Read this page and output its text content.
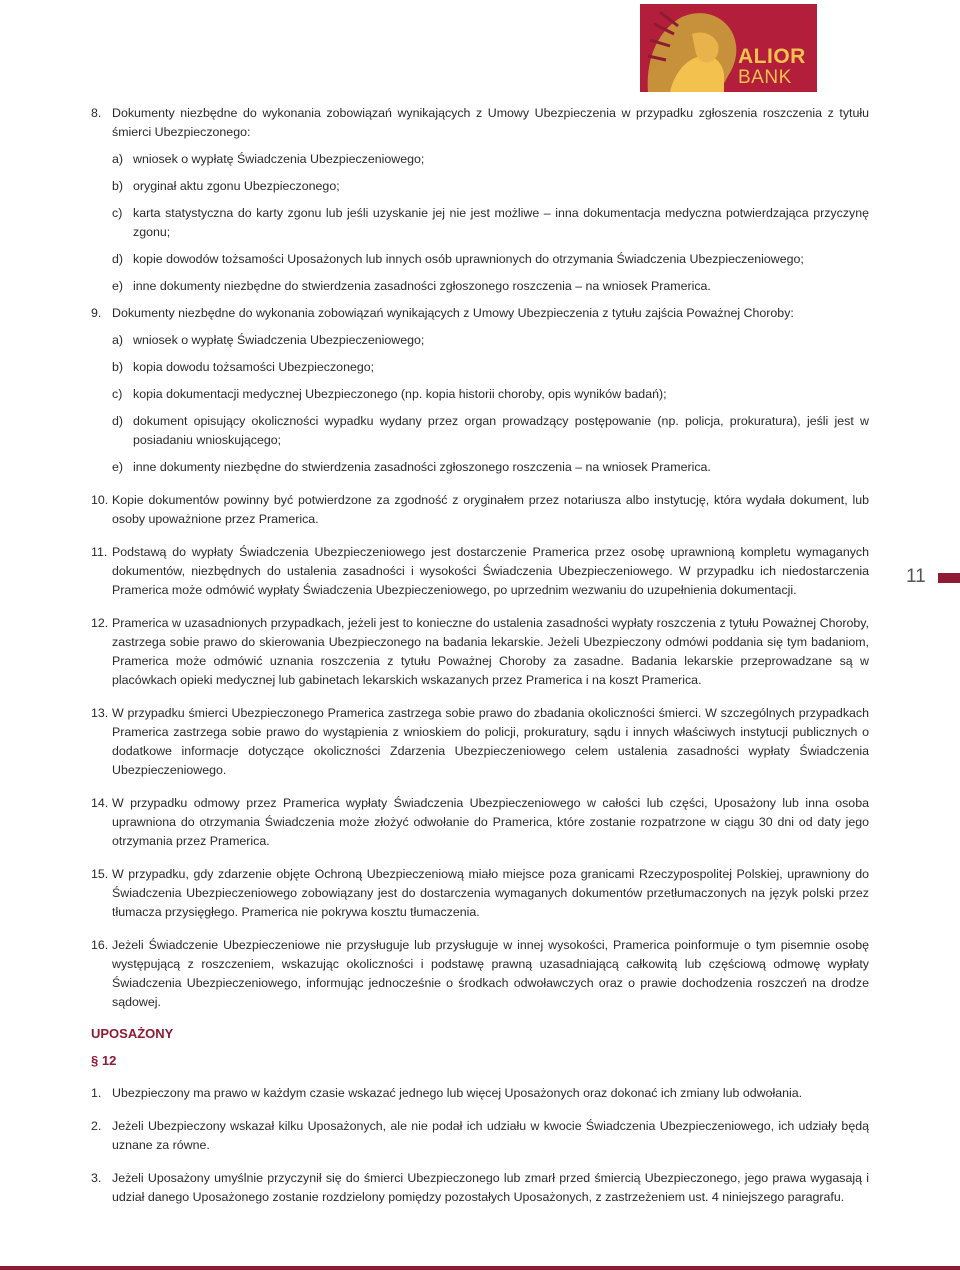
ALIOR
BANK
11
8. Dokumenty niezbędne do wykonania zobowiązań wynikających z Umowy Ubezpieczenia w przypadku zgłoszenia roszczenia z tytułu śmierci Ubezpieczonego:
a) wniosek o wypłatę Świadczenia Ubezpieczeniowego;
b) oryginał aktu zgonu Ubezpieczonego;
c) karta statystyczna do karty zgonu lub jeśli uzyskanie jej nie jest możliwe – inna dokumentacja medyczna potwierdzająca przyczynę zgonu;
d) kopie dowodów tożsamości Uposażonych lub innych osób uprawnionych do otrzymania Świadczenia Ubezpieczeniowego;
e) inne dokumenty niezbędne do stwierdzenia zasadności zgłoszonego roszczenia – na wniosek Pramerica.
9. Dokumenty niezbędne do wykonania zobowiązań wynikających z Umowy Ubezpieczenia z tytułu zajścia Poważnej Choroby:
a) wniosek o wypłatę Świadczenia Ubezpieczeniowego;
b) kopia dowodu tożsamości Ubezpieczonego;
c) kopia dokumentacji medycznej Ubezpieczonego (np. kopia historii choroby, opis wyników badań);
d) dokument opisujący okoliczności wypadku wydany przez organ prowadzący postępowanie (np. policja, prokuratura), jeśli jest w posiadaniu wnioskującego;
e) inne dokumenty niezbędne do stwierdzenia zasadności zgłoszonego roszczenia – na wniosek Pramerica.
10. Kopie dokumentów powinny być potwierdzone za zgodność z oryginałem przez notariusza albo instytucję, która wydała dokument, lub osoby upoważnione przez Pramerica.
11. Podstawą do wypłaty Świadczenia Ubezpieczeniowego jest dostarczenie Pramerica przez osobę uprawnioną kompletu wymaganych dokumentów, niezbędnych do ustalenia zasadności i wysokości Świadczenia Ubezpieczeniowego. W przypadku ich niedostarczenia Pramerica może odmówić wypłaty Świadczenia Ubezpieczeniowego, po uprzednim wezwaniu do uzupełnienia dokumentacji.
12. Pramerica w uzasadnionych przypadkach, jeżeli jest to konieczne do ustalenia zasadności wypłaty roszczenia z tytułu Poważnej Choroby, zastrzega sobie prawo do skierowania Ubezpieczonego na badania lekarskie. Jeżeli Ubezpieczony odmówi poddania się tym badaniom, Pramerica może odmówić uznania roszczenia z tytułu Poważnej Choroby za zasadne. Badania lekarskie przeprowadzane są w placówkach opieki medycznej lub gabinetach lekarskich wskazanych przez Pramerica i na koszt Pramerica.
13. W przypadku śmierci Ubezpieczonego Pramerica zastrzega sobie prawo do zbadania okoliczności śmierci. W szczególnych przypadkach Pramerica zastrzega sobie prawo do wystąpienia z wnioskiem do policji, prokuratury, sądu i innych właściwych instytucji publicznych o dodatkowe informacje dotyczące okoliczności Zdarzenia Ubezpieczeniowego celem ustalenia zasadności wypłaty Świadczenia Ubezpieczeniowego.
14. W przypadku odmowy przez Pramerica wypłaty Świadczenia Ubezpieczeniowego w całości lub części, Uposażony lub inna osoba uprawniona do otrzymania Świadczenia może złożyć odwołanie do Pramerica, które zostanie rozpatrzone w ciągu 30 dni od daty jego otrzymania przez Pramerica.
15. W przypadku, gdy zdarzenie objęte Ochroną Ubezpieczeniową miało miejsce poza granicami Rzeczypospolitej Polskiej, uprawniony do Świadczenia Ubezpieczeniowego zobowiązany jest do dostarczenia wymaganych dokumentów przetłumaczonych na język polski przez tłumacza przysięgłego. Pramerica nie pokrywa kosztu tłumaczenia.
16. Jeżeli Świadczenie Ubezpieczeniowe nie przysługuje lub przysługuje w innej wysokości, Pramerica poinformuje o tym pisemnie osobę występującą z roszczeniem, wskazując okoliczności i podstawę prawną uzasadniającą całkowitą lub częściową odmowę wypłaty Świadczenia Ubezpieczeniowego, informując jednocześnie o środkach odwoławczych oraz o prawie dochodzenia roszczeń na drodze sądowej.
UPOSAŻONY
§ 12
1. Ubezpieczony ma prawo w każdym czasie wskazać jednego lub więcej Uposażonych oraz dokonać ich zmiany lub odwołania.
2. Jeżeli Ubezpieczony wskazał kilku Uposażonych, ale nie podał ich udziału w kwocie Świadczenia Ubezpieczeniowego, ich udziały będą uznane za równe.
3. Jeżeli Uposażony umyślnie przyczynił się do śmierci Ubezpieczonego lub zmarł przed śmiercią Ubezpieczonego, jego prawa wygasają i udział danego Uposażonego zostanie rozdzielony pomiędzy pozostałych Uposażonych, z zastrzeżeniem ust. 4 niniejszego paragrafu.
